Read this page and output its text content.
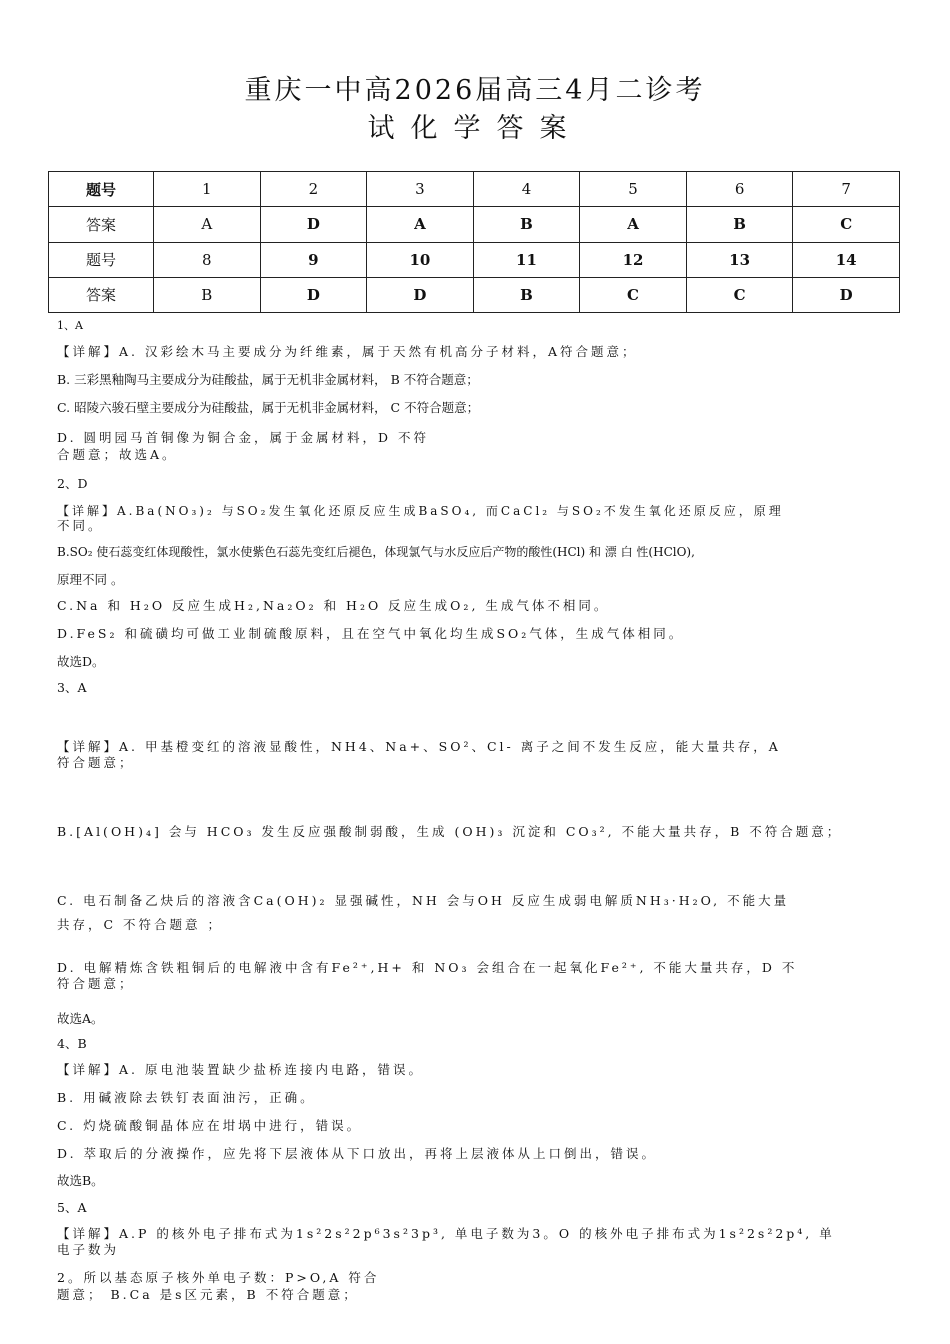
重庆一中高2026届高三4月二诊考
试化学答案
题号	1	2	3	4	5	6	7
答案	A	D	A	B	A	B	C
题号	8	9	10	11	12	13	14
答案	B	D	D	B	C	C	D
1、A
【详解】A. 汉彩绘木马主要成分为纤维素，属于天然有机高分子材料，A符合题意；
B. 三彩黑釉陶马主要成分为硅酸盐，属于无机非金属材料， B 不符合题意；
C. 昭陵六骏石壁主要成分为硅酸盐，属于无机非金属材料， C 不符合题意；
D. 圆明园马首铜像为铜合金，属于金属材料，D 不符
合题意；故选A。
2、D
【详解】A.Ba(NO₃)₂ 与SO₂发生氧化还原反应生成BaSO₄, 而CaCl₂ 与SO₂不发生氧化还原反应，原理
不同。
B.SO₂ 使石蕊变红体现酸性，氯水使紫色石蕊先变红后褪色，体现氯气与水反应后产物的酸性(HCl) 和 漂 白 性(HClO),
原理不同 。
C.Na 和 H₂O 反应生成H₂,Na₂O₂ 和 H₂O 反应生成O₂, 生成气体不相同。
D.FeS₂ 和硫磺均可做工业制硫酸原料，且在空气中氧化均生成SO₂气体，生成气体相同。
故选D。
3、A
【详解】A. 甲基橙变红的溶液显酸性，NH4、Na+、SO²、Cl- 离子之间不发生反应，能大量共存，A
符合题意；
B.[Al(OH)₄] 会与 HCO₃ 发生反应强酸制弱酸，生成 (OH)₃ 沉淀和 CO₃², 不能大量共存，B 不符合题意；
C. 电石制备乙炔后的溶液含Ca(OH)₂ 显强碱性，NH 会与OH 反应生成弱电解质NH₃·H₂O, 不能大量
共存，C 不符合题意 ；
D. 电解精炼含铁粗铜后的电解液中含有Fe²⁺,H+ 和 NO₃ 会组合在一起氧化Fe²⁺, 不能大量共存，D 不
符合题意；
故选A。
4、B
【详解】A. 原电池装置缺少盐桥连接内电路，错误。
B. 用碱液除去铁钉表面油污，正确。
C. 灼烧硫酸铜晶体应在坩埚中进行，错误。
D. 萃取后的分液操作，应先将下层液体从下口放出，再将上层液体从上口倒出，错误。
故选B。
5、A
【详解】A.P 的核外电子排布式为1s²2s²2p⁶3s²3p³, 单电子数为3。O 的核外电子排布式为1s²2s²2p⁴, 单
电子数为
2。所以基态原子核外单电子数：P>O,A 符合
题意； B.Ca 是s区元素，B 不符合题意；
